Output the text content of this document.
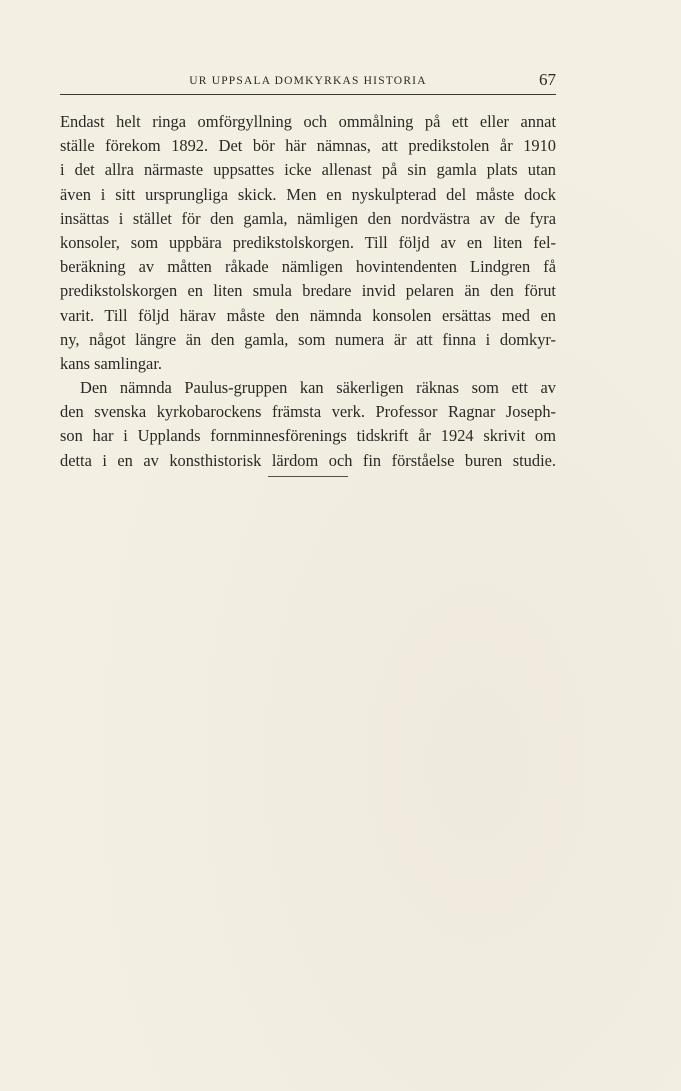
UR UPPSALA DOMKYRKAS HISTORIA	67
Endast helt ringa omförgyllning och ommålning på ett eller annat
ställe förekom 1892. Det bör här nämnas, att predikstolen år 1910
i det allra närmaste uppsattes icke allenast på sin gamla plats utan
även i sitt ursprungliga skick. Men en nyskulpterad del måste dock
insättas i stället för den gamla, nämligen den nordvästra av de fyra
konsoler, som uppbära predikstolskorgen. Till följd av en liten fel-
beräkning av måtten råkade nämligen hovintendenten Lindgren få
predikstolskorgen en liten smula bredare invid pelaren än den förut
varit. Till följd härav måste den nämnda konsolen ersättas med en
ny, något längre än den gamla, som numera är att finna i domkyr-
kans samlingar.
Den nämnda Paulus-gruppen kan säkerligen räknas som ett av
den svenska kyrkobarockens främsta verk. Professor Ragnar Joseph-
son har i Upplands fornminnesförenings tidskrift år 1924 skrivit om
detta i en av konsthistorisk lärdom och fin förståelse buren studie.
